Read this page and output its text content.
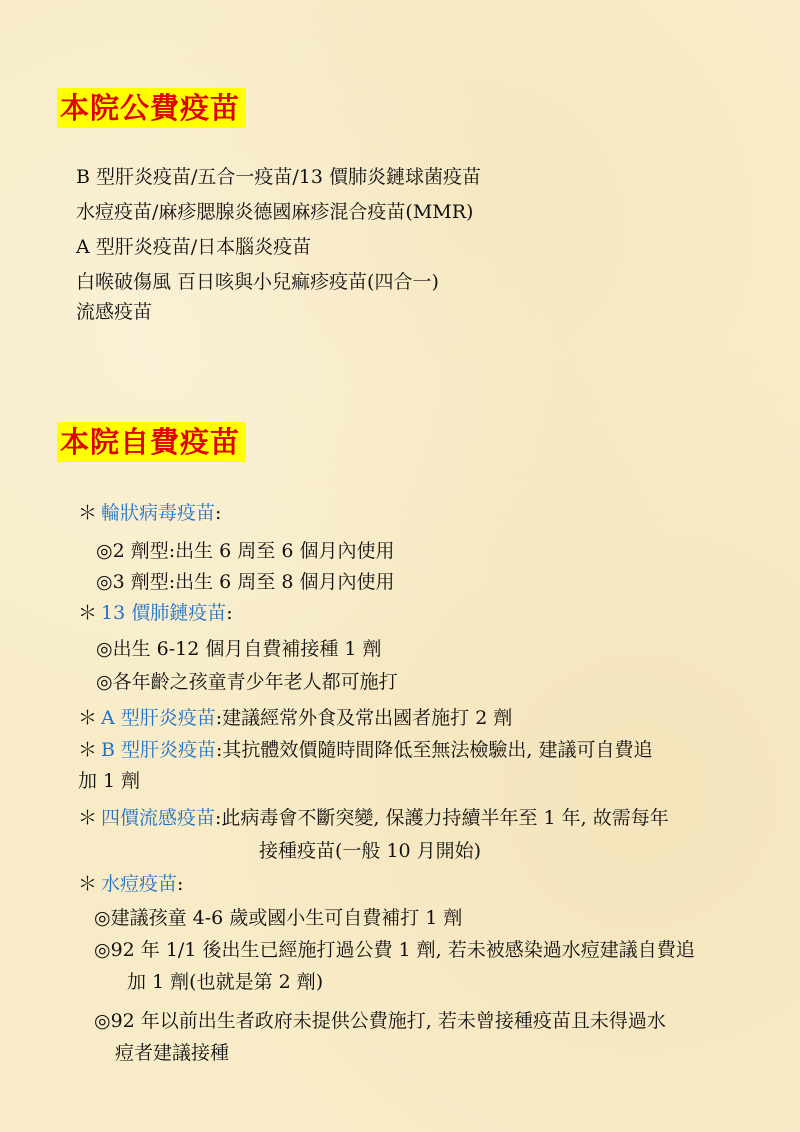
本院公費疫苗
B 型肝炎疫苗/五合一疫苗/13 價肺炎鏈球菌疫苗
水痘疫苗/麻疹腮腺炎德國麻疹混合疫苗(MMR)
A 型肝炎疫苗/日本腦炎疫苗
白喉破傷風 百日咳與小兒痲疹疫苗(四合一)
流感疫苗
本院自費疫苗
＊ 輪狀病毒疫苗:
◎2 劑型:出生 6 周至 6 個月內使用
◎3 劑型:出生 6 周至 8 個月內使用
＊ 13 價肺鏈疫苗:
◎出生 6-12 個月自費補接種 1 劑
◎各年齡之孩童青少年老人都可施打
＊ A 型肝炎疫苗:建議經常外食及常出國者施打 2 劑
＊ B 型肝炎疫苗:其抗體效價隨時間降低至無法檢驗出, 建議可自費追
加 1 劑
＊ 四價流感疫苗:此病毒會不斷突變, 保護力持續半年至 1 年, 故需每年
接種疫苗(一般 10 月開始)
＊ 水痘疫苗:
◎建議孩童 4-6 歲或國小生可自費補打 1 劑
◎92 年 1/1 後出生已經施打過公費 1 劑, 若未被感染過水痘建議自費追
加 1 劑(也就是第 2 劑)
◎92 年以前出生者政府未提供公費施打, 若未曾接種疫苗且未得過水
痘者建議接種
